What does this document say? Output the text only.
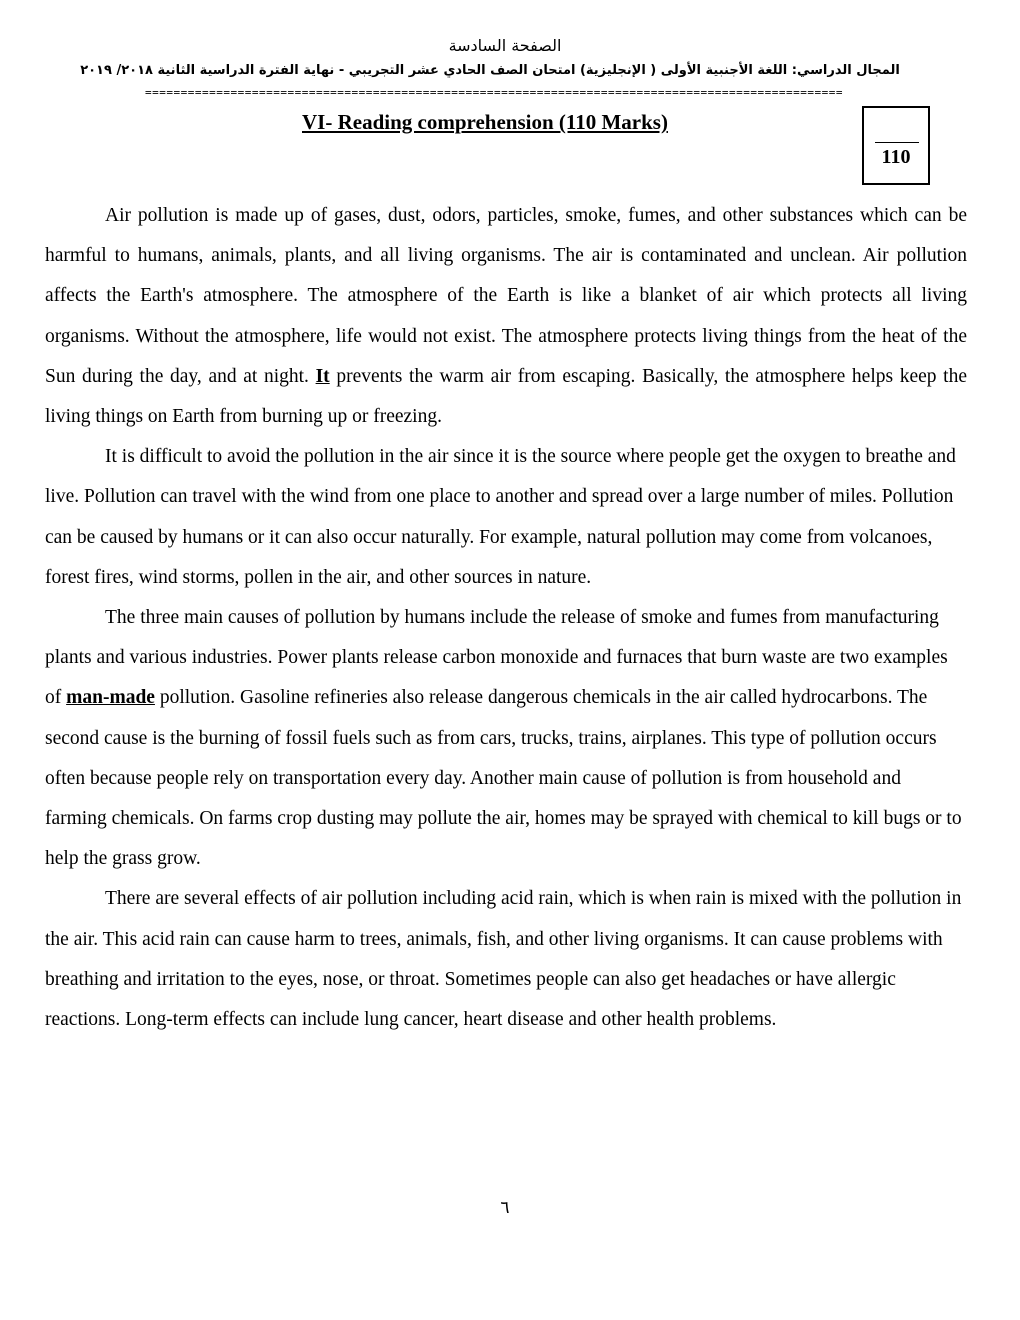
الصفحة السادسة
المجال الدراسي: اللغة الأجنبية الأولى ( الإنجليزية) امتحان الصف الحادي عشر التجريبي - نهاية الفترة الدراسية الثانية ٢٠١٨/ ٢٠١٩
==================================================================================================
VI- Reading comprehension (110 Marks)
110

Air pollution is made up of gases, dust, odors, particles, smoke, fumes, and other substances which can be harmful to humans, animals, plants, and all living organisms. The air is contaminated and unclean. Air pollution affects the Earth's atmosphere. The atmosphere of the Earth is like a blanket of air which protects all living organisms. Without the atmosphere, life would not exist. The atmosphere protects living things from the heat of the Sun during the day, and at night. It prevents the warm air from escaping. Basically, the atmosphere helps keep the living things on Earth from burning up or freezing.

It is difficult to avoid the pollution in the air since it is the source where people get the oxygen to breathe and live. Pollution can travel with the wind from one place to another and spread over a large number of miles. Pollution can be caused by humans or it can also occur naturally. For example, natural pollution may come from volcanoes, forest fires, wind storms, pollen in the air, and other sources in nature.

The three main causes of pollution by humans include the release of smoke and fumes from manufacturing plants and various industries. Power plants release carbon monoxide and furnaces that burn waste are two examples of man-made pollution. Gasoline refineries also release dangerous chemicals in the air called hydrocarbons. The second cause is the burning of fossil fuels such as from cars, trucks, trains, airplanes. This type of pollution occurs often because people rely on transportation every day. Another main cause of pollution is from household and farming chemicals. On farms crop dusting may pollute the air, homes may be sprayed with chemical to kill bugs or to help the grass grow.

There are several effects of air pollution including acid rain, which is when rain is mixed with the pollution in the air. This acid rain can cause harm to trees, animals, fish, and other living organisms. It can cause problems with breathing and irritation to the eyes, nose, or throat. Sometimes people can also get headaches or have allergic reactions. Long-term effects can include lung cancer, heart disease and other health problems.

٦
